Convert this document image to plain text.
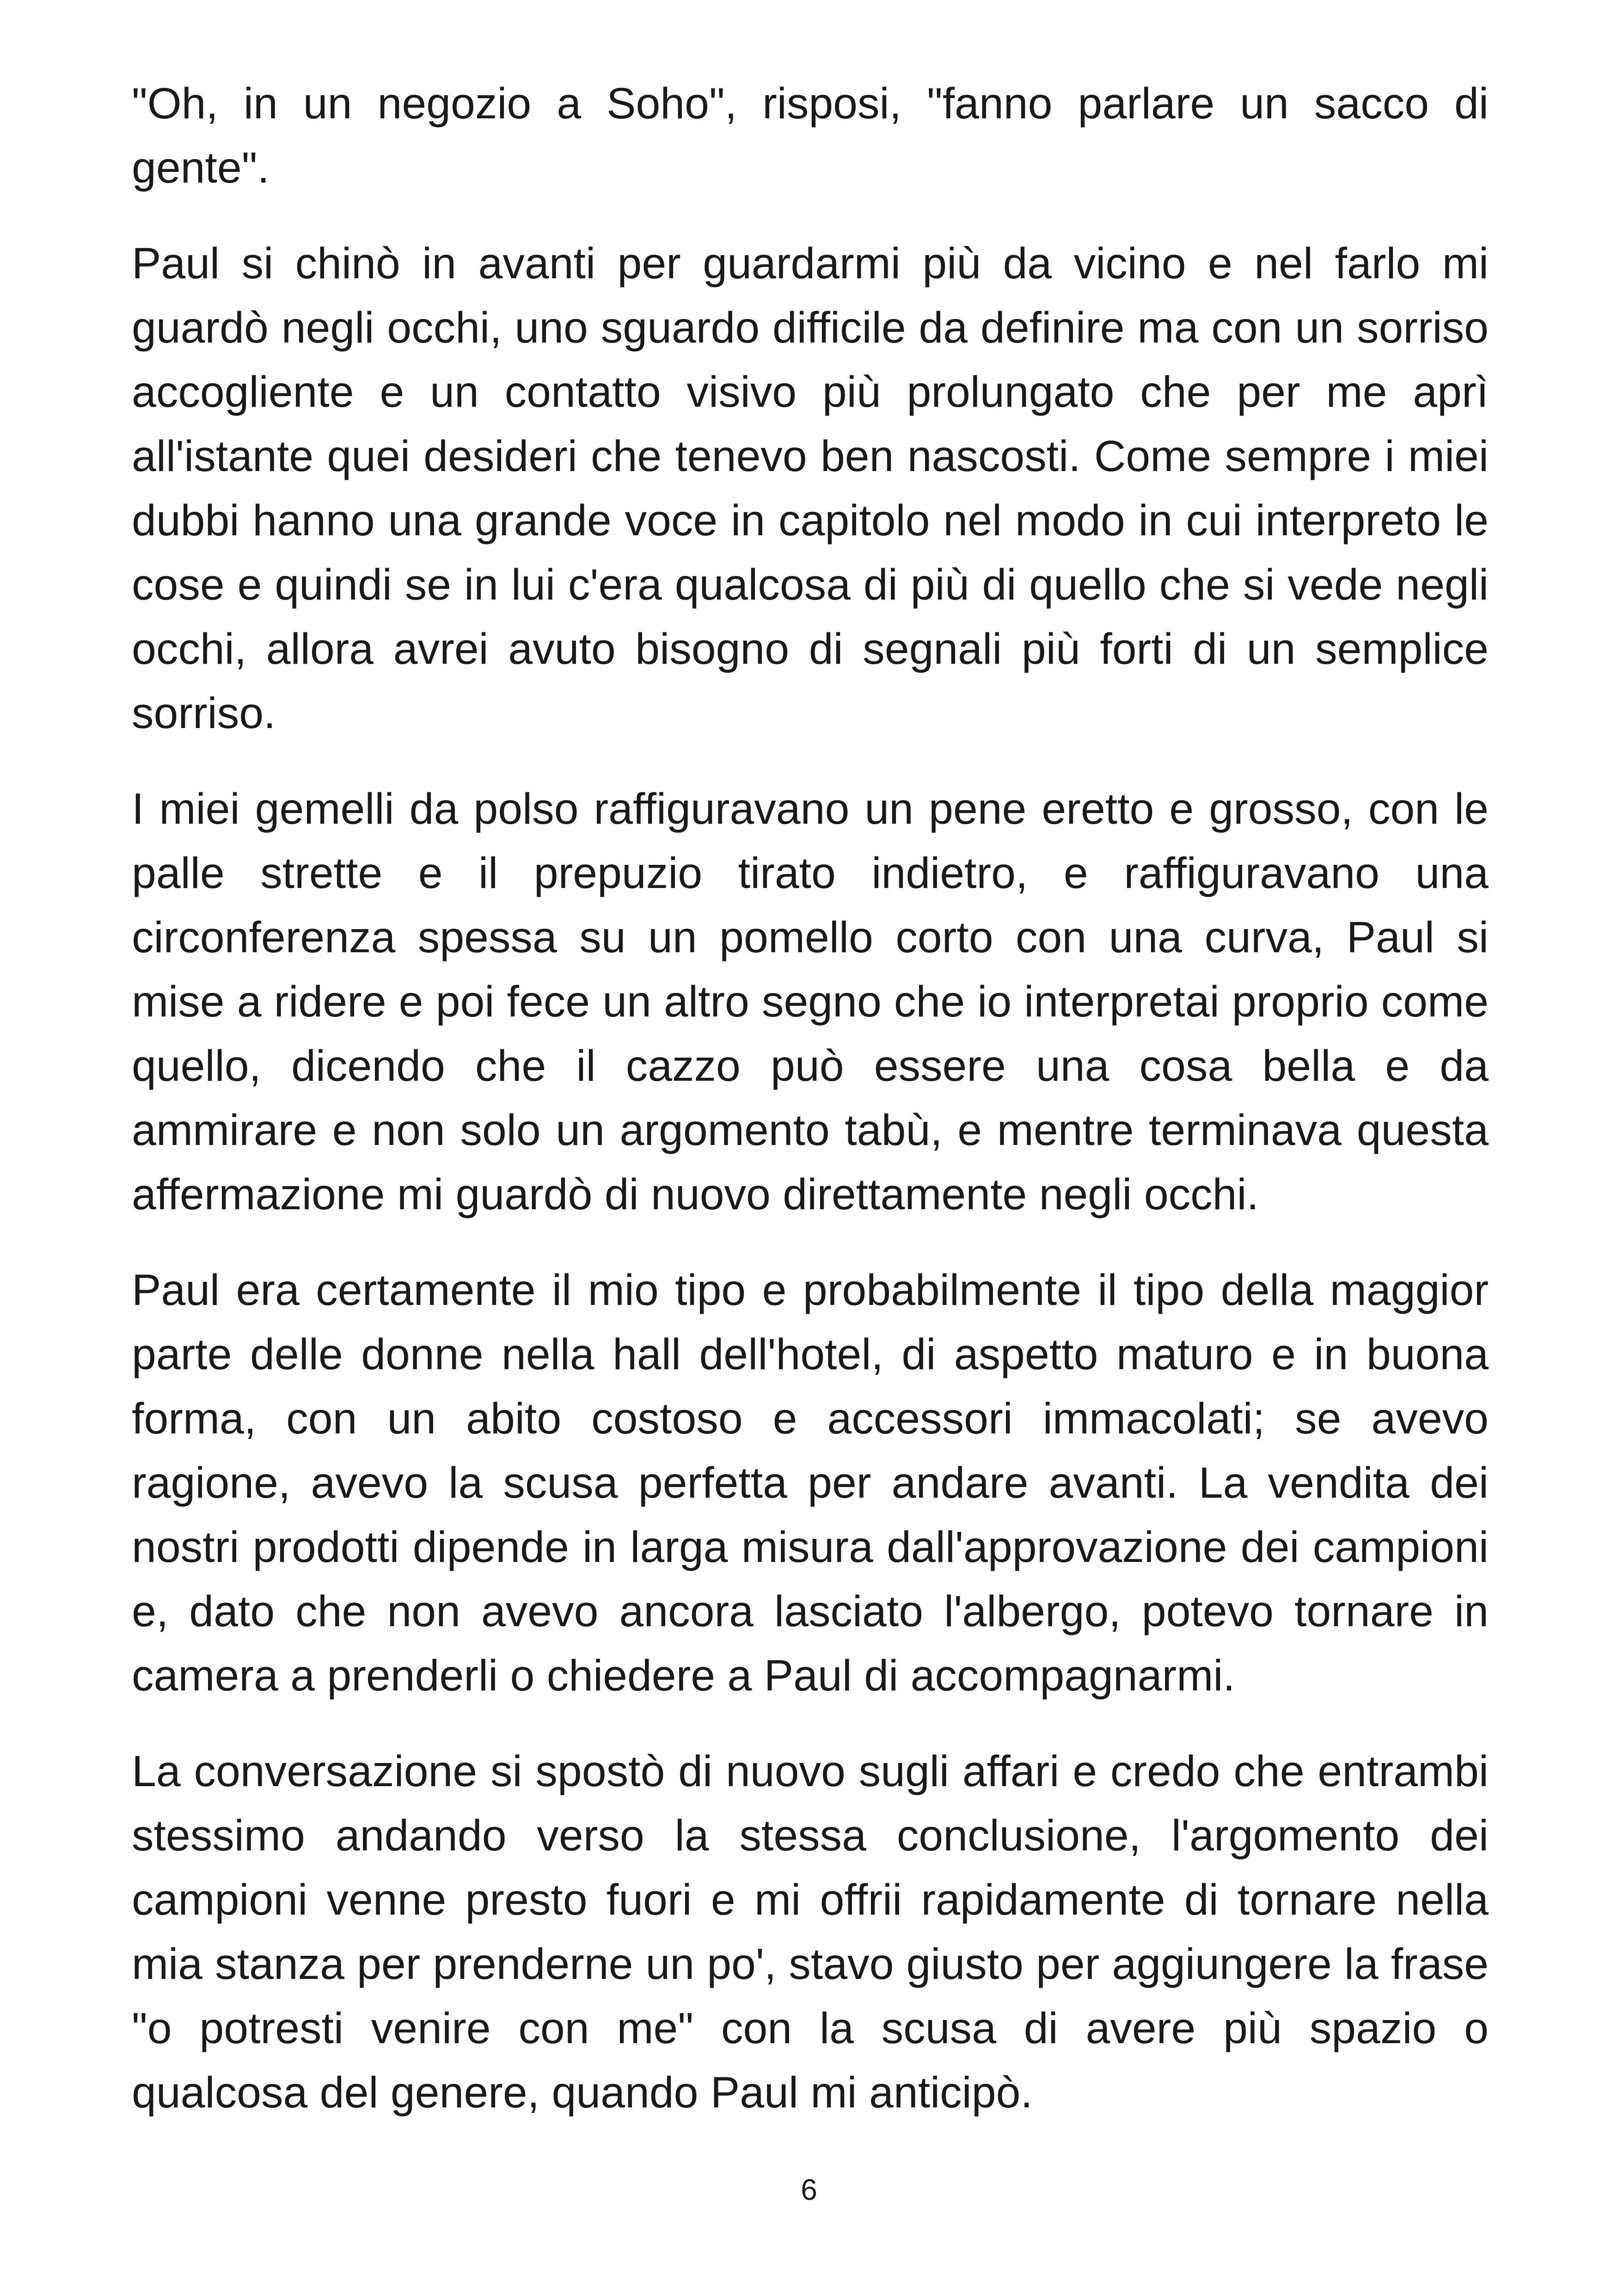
"Oh, in un negozio a Soho", risposi, "fanno parlare un sacco di gente".

Paul si chinò in avanti per guardarmi più da vicino e nel farlo mi guardò negli occhi, uno sguardo difficile da definire ma con un sorriso accogliente e un contatto visivo più prolungato che per me aprì all'istante quei desideri che tenevo ben nascosti. Come sempre i miei dubbi hanno una grande voce in capitolo nel modo in cui interpreto le cose e quindi se in lui c'era qualcosa di più di quello che si vede negli occhi, allora avrei avuto bisogno di segnali più forti di un semplice sorriso.

I miei gemelli da polso raffiguravano un pene eretto e grosso, con le palle strette e il prepuzio tirato indietro, e raffiguravano una circonferenza spessa su un pomello corto con una curva, Paul si mise a ridere e poi fece un altro segno che io interpretai proprio come quello, dicendo che il cazzo può essere una cosa bella e da ammirare e non solo un argomento tabù, e mentre terminava questa affermazione mi guardò di nuovo direttamente negli occhi.

Paul era certamente il mio tipo e probabilmente il tipo della maggior parte delle donne nella hall dell'hotel, di aspetto maturo e in buona forma, con un abito costoso e accessori immacolati; se avevo ragione, avevo la scusa perfetta per andare avanti. La vendita dei nostri prodotti dipende in larga misura dall'approvazione dei campioni e, dato che non avevo ancora lasciato l'albergo, potevo tornare in camera a prenderli o chiedere a Paul di accompagnarmi.

La conversazione si spostò di nuovo sugli affari e credo che entrambi stessimo andando verso la stessa conclusione, l'argomento dei campioni venne presto fuori e mi offrii rapidamente di tornare nella mia stanza per prenderne un po', stavo giusto per aggiungere la frase "o potresti venire con me" con la scusa di avere più spazio o qualcosa del genere, quando Paul mi anticipò.

6
